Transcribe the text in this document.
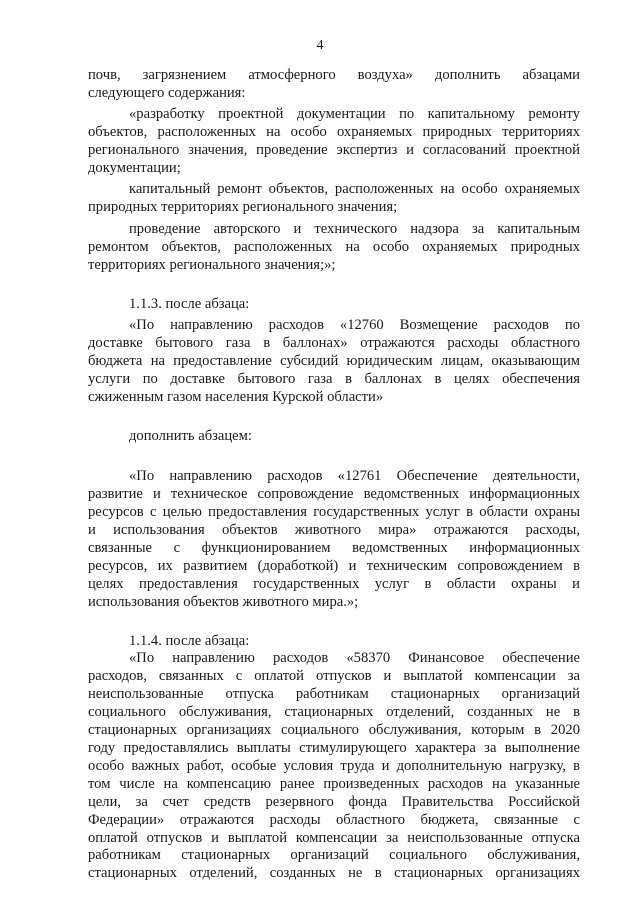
4

почв, загрязнением атмосферного воздуха» дополнить абзацами

следующего содержания:

«разработку проектной документации по капитальному ремонту

объектов, расположенных на особо охраняемых природных территориях

регионального значения, проведение экспертиз и согласований проектной

документации;

капитальный ремонт объектов, расположенных на особо охраняемых

природных территориях регионального значения;

проведение авторского и технического надзора за капитальным

ремонтом объектов, расположенных на особо охраняемых природных

территориях регионального значения;»;

1.1.3. после абзаца:

«По направлению расходов «12760 Возмещение расходов по

доставке бытового газа в баллонах» отражаются расходы областного

бюджета на предоставление субсидий юридическим лицам, оказывающим

услуги по доставке бытового газа в баллонах в целях обеспечения

сжиженным газом населения Курской области»

дополнить абзацем:

«По направлению расходов «12761 Обеспечение деятельности,

развитие и техническое сопровождение ведомственных информационных

ресурсов с целью предоставления государственных услуг в области охраны

и использования объектов животного мира» отражаются расходы,

связанные с функционированием ведомственных информационных

ресурсов, их развитием (доработкой) и техническим сопровождением в

целях предоставления государственных услуг в области охраны и

использования объектов животного мира.»;

1.1.4. после абзаца:

«По направлению расходов «58370 Финансовое обеспечение

расходов, связанных с оплатой отпусков и выплатой компенсации за

неиспользованные отпуска работникам стационарных организаций

социального обслуживания, стационарных отделений, созданных не в

стационарных организациях социального обслуживания, которым в 2020

году предоставлялись выплаты стимулирующего характера за выполнение

особо важных работ, особые условия труда и дополнительную нагрузку, в

том числе на компенсацию ранее произведенных расходов на указанные

цели, за счет средств резервного фонда Правительства Российской

Федерации» отражаются расходы областного бюджета, связанные с

оплатой отпусков и выплатой компенсации за неиспользованные отпуска

работникам стационарных организаций социального обслуживания,

стационарных отделений, созданных не в стационарных организациях
